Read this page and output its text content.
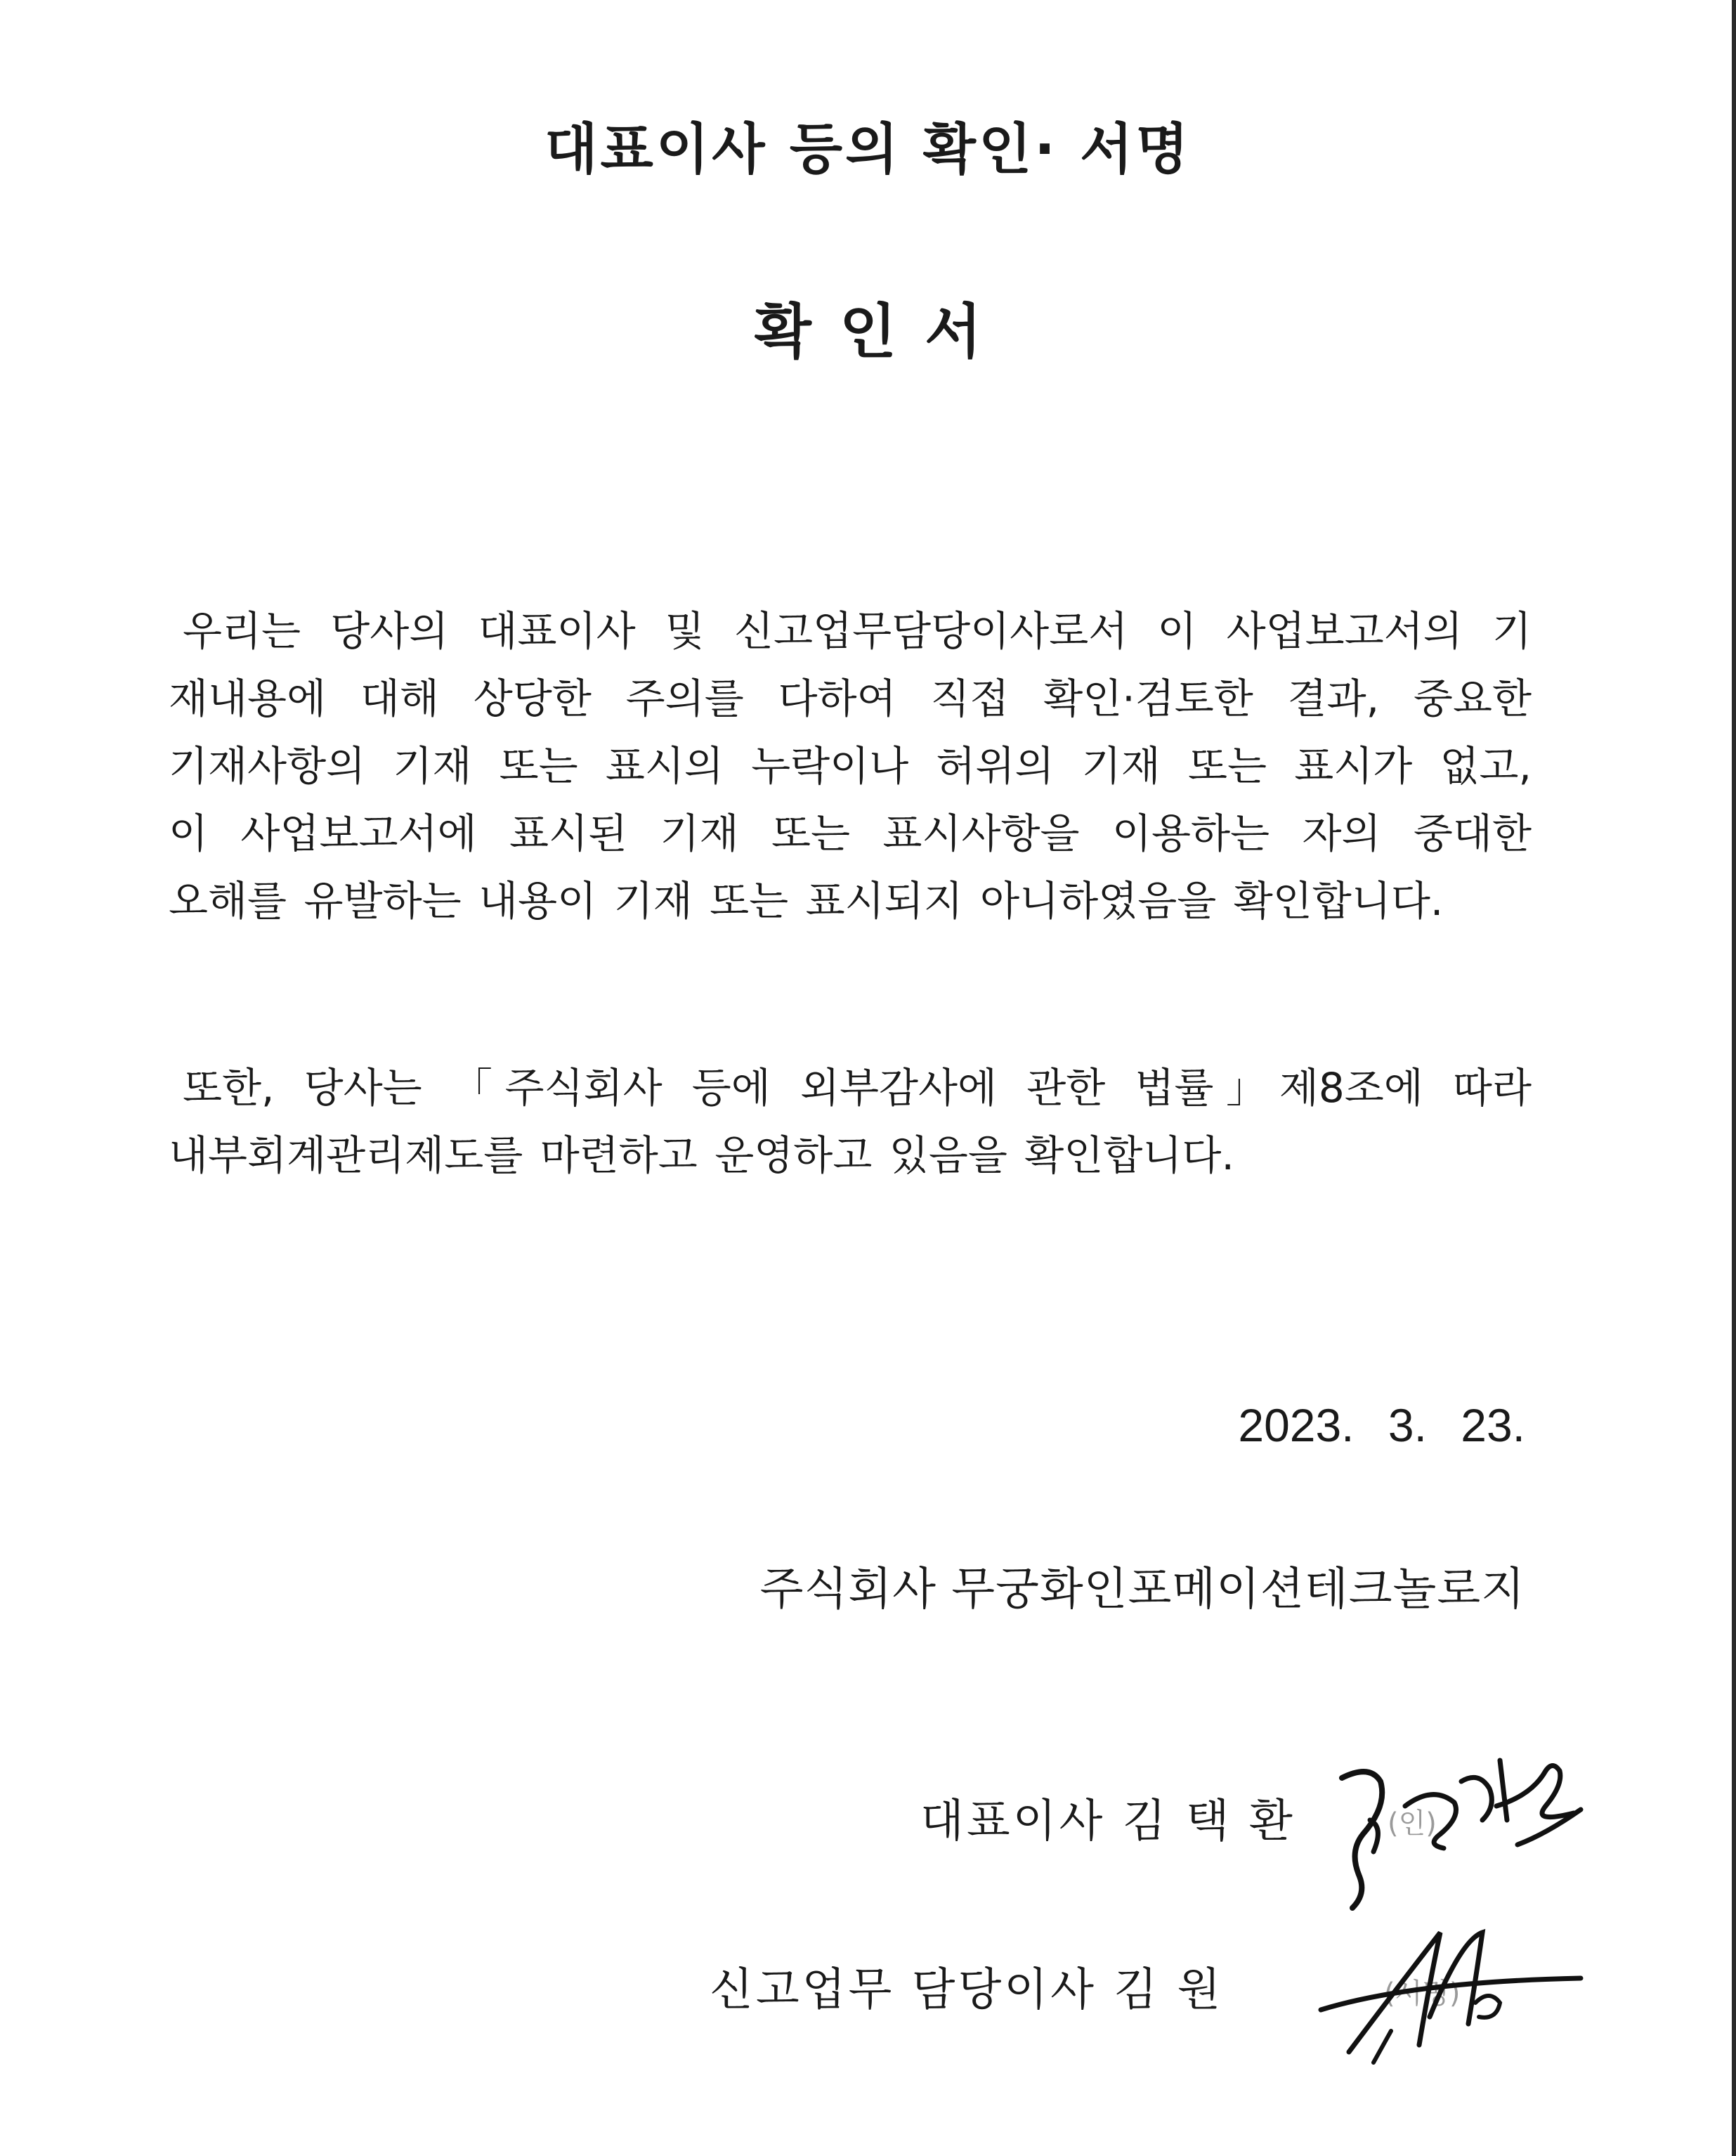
대표이사 등의 확인· 서명
확인서
우리는 당사의 대표이사 및 신고업무담당이사로서 이 사업보고서의 기
재내용에 대해 상당한 주의를 다하여 직접 확인·검토한 결과, 중요한
기재사항의 기재 또는 표시의 누락이나 허위의 기재 또는 표시가 없고,
이 사업보고서에 표시된 기재 또는 표시사항을 이용하는 자의 중대한
오해를 유발하는 내용이 기재 또는 표시되지 아니하였음을 확인합니다.
또한, 당사는 「주식회사 등에 외부감사에 관한 법률」제8조에 따라
내부회계관리제도를 마련하고 운영하고 있음을 확인합니다.
2023. 3. 23.
주식회사 무궁화인포메이션테크놀로지
대표이사 김 택 환	(인)
신고업무 담당이사 김 원	(서명)
